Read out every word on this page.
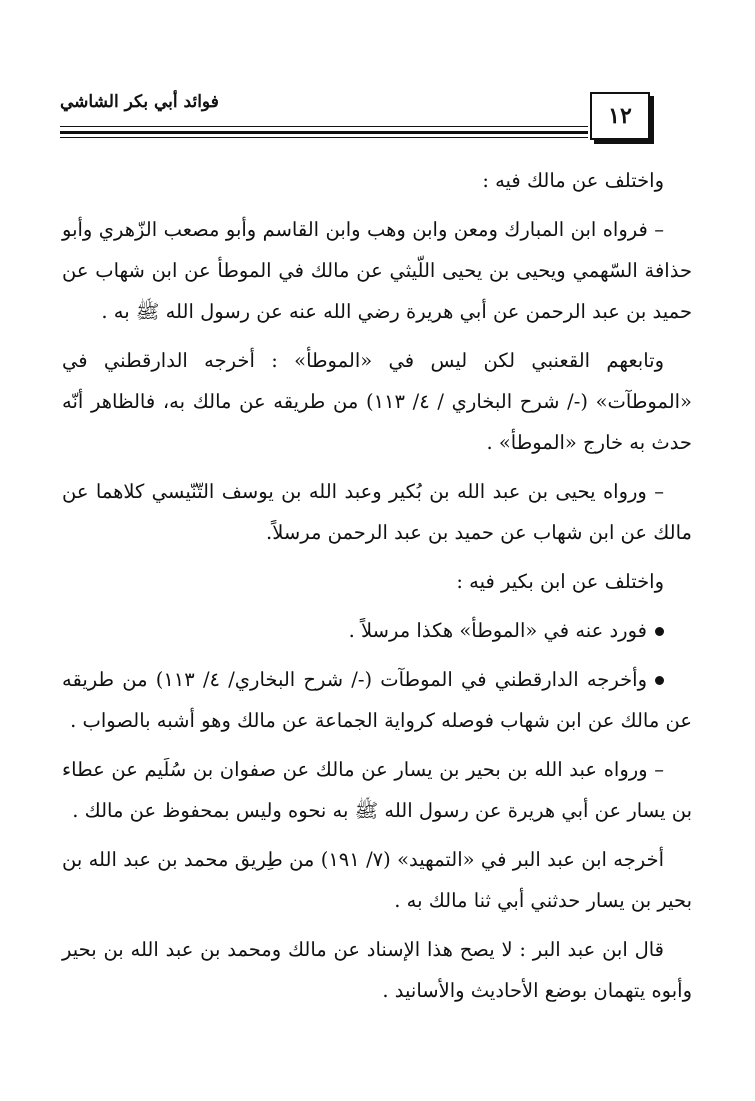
فوائد أبي بكر الشاشي
١٢

واختلف عن مالك فيه :

– فرواه ابن المبارك ومعن وابن وهب وابن القاسم وأبو مصعب الزّهري وأبو حذافة السّهمي ويحيى بن يحيى اللّيثي عن مالك في الموطأ عن ابن شهاب عن حميد بن عبد الرحمن عن أبي هريرة رضي الله عنه عن رسول الله ﷺ به .

وتابعهم القعنبي لكن ليس في «الموطأ» : أخرجه الدارقطني في «الموطآت» (-/ شرح البخاري / ٤/ ١١٣) من طريقه عن مالك به، فالظاهر أنّه حدث به خارج «الموطأ» .

– ورواه يحيى بن عبد الله بن بُكير وعبد الله بن يوسف التّنّيسي كلاهما عن مالك عن ابن شهاب عن حميد بن عبد الرحمن مرسلاً.

واختلف عن ابن بكير فيه :

فورد عنه في «الموطأ» هكذا مرسلاً .

وأخرجه الدارقطني في الموطآت (-/ شرح البخاري/ ٤/ ١١٣) من طريقه عن مالك عن ابن شهاب فوصله كرواية الجماعة عن مالك وهو أشبه بالصواب .

– ورواه عبد الله بن بحير بن يسار عن مالك عن صفوان بن سُلَيم عن عطاء بن يسار عن أبي هريرة عن رسول الله ﷺ به نحوه وليس بمحفوظ عن مالك .

أخرجه ابن عبد البر في «التمهيد» (٧/ ١٩١) من طِريق محمد بن عبد الله بن بحير بن يسار حدثني أبي ثنا مالك به .

قال ابن عبد البر : لا يصح هذا الإسناد عن مالك ومحمد بن عبد الله بن بحير وأبوه يتهمان بوضع الأحاديث والأسانيد .
